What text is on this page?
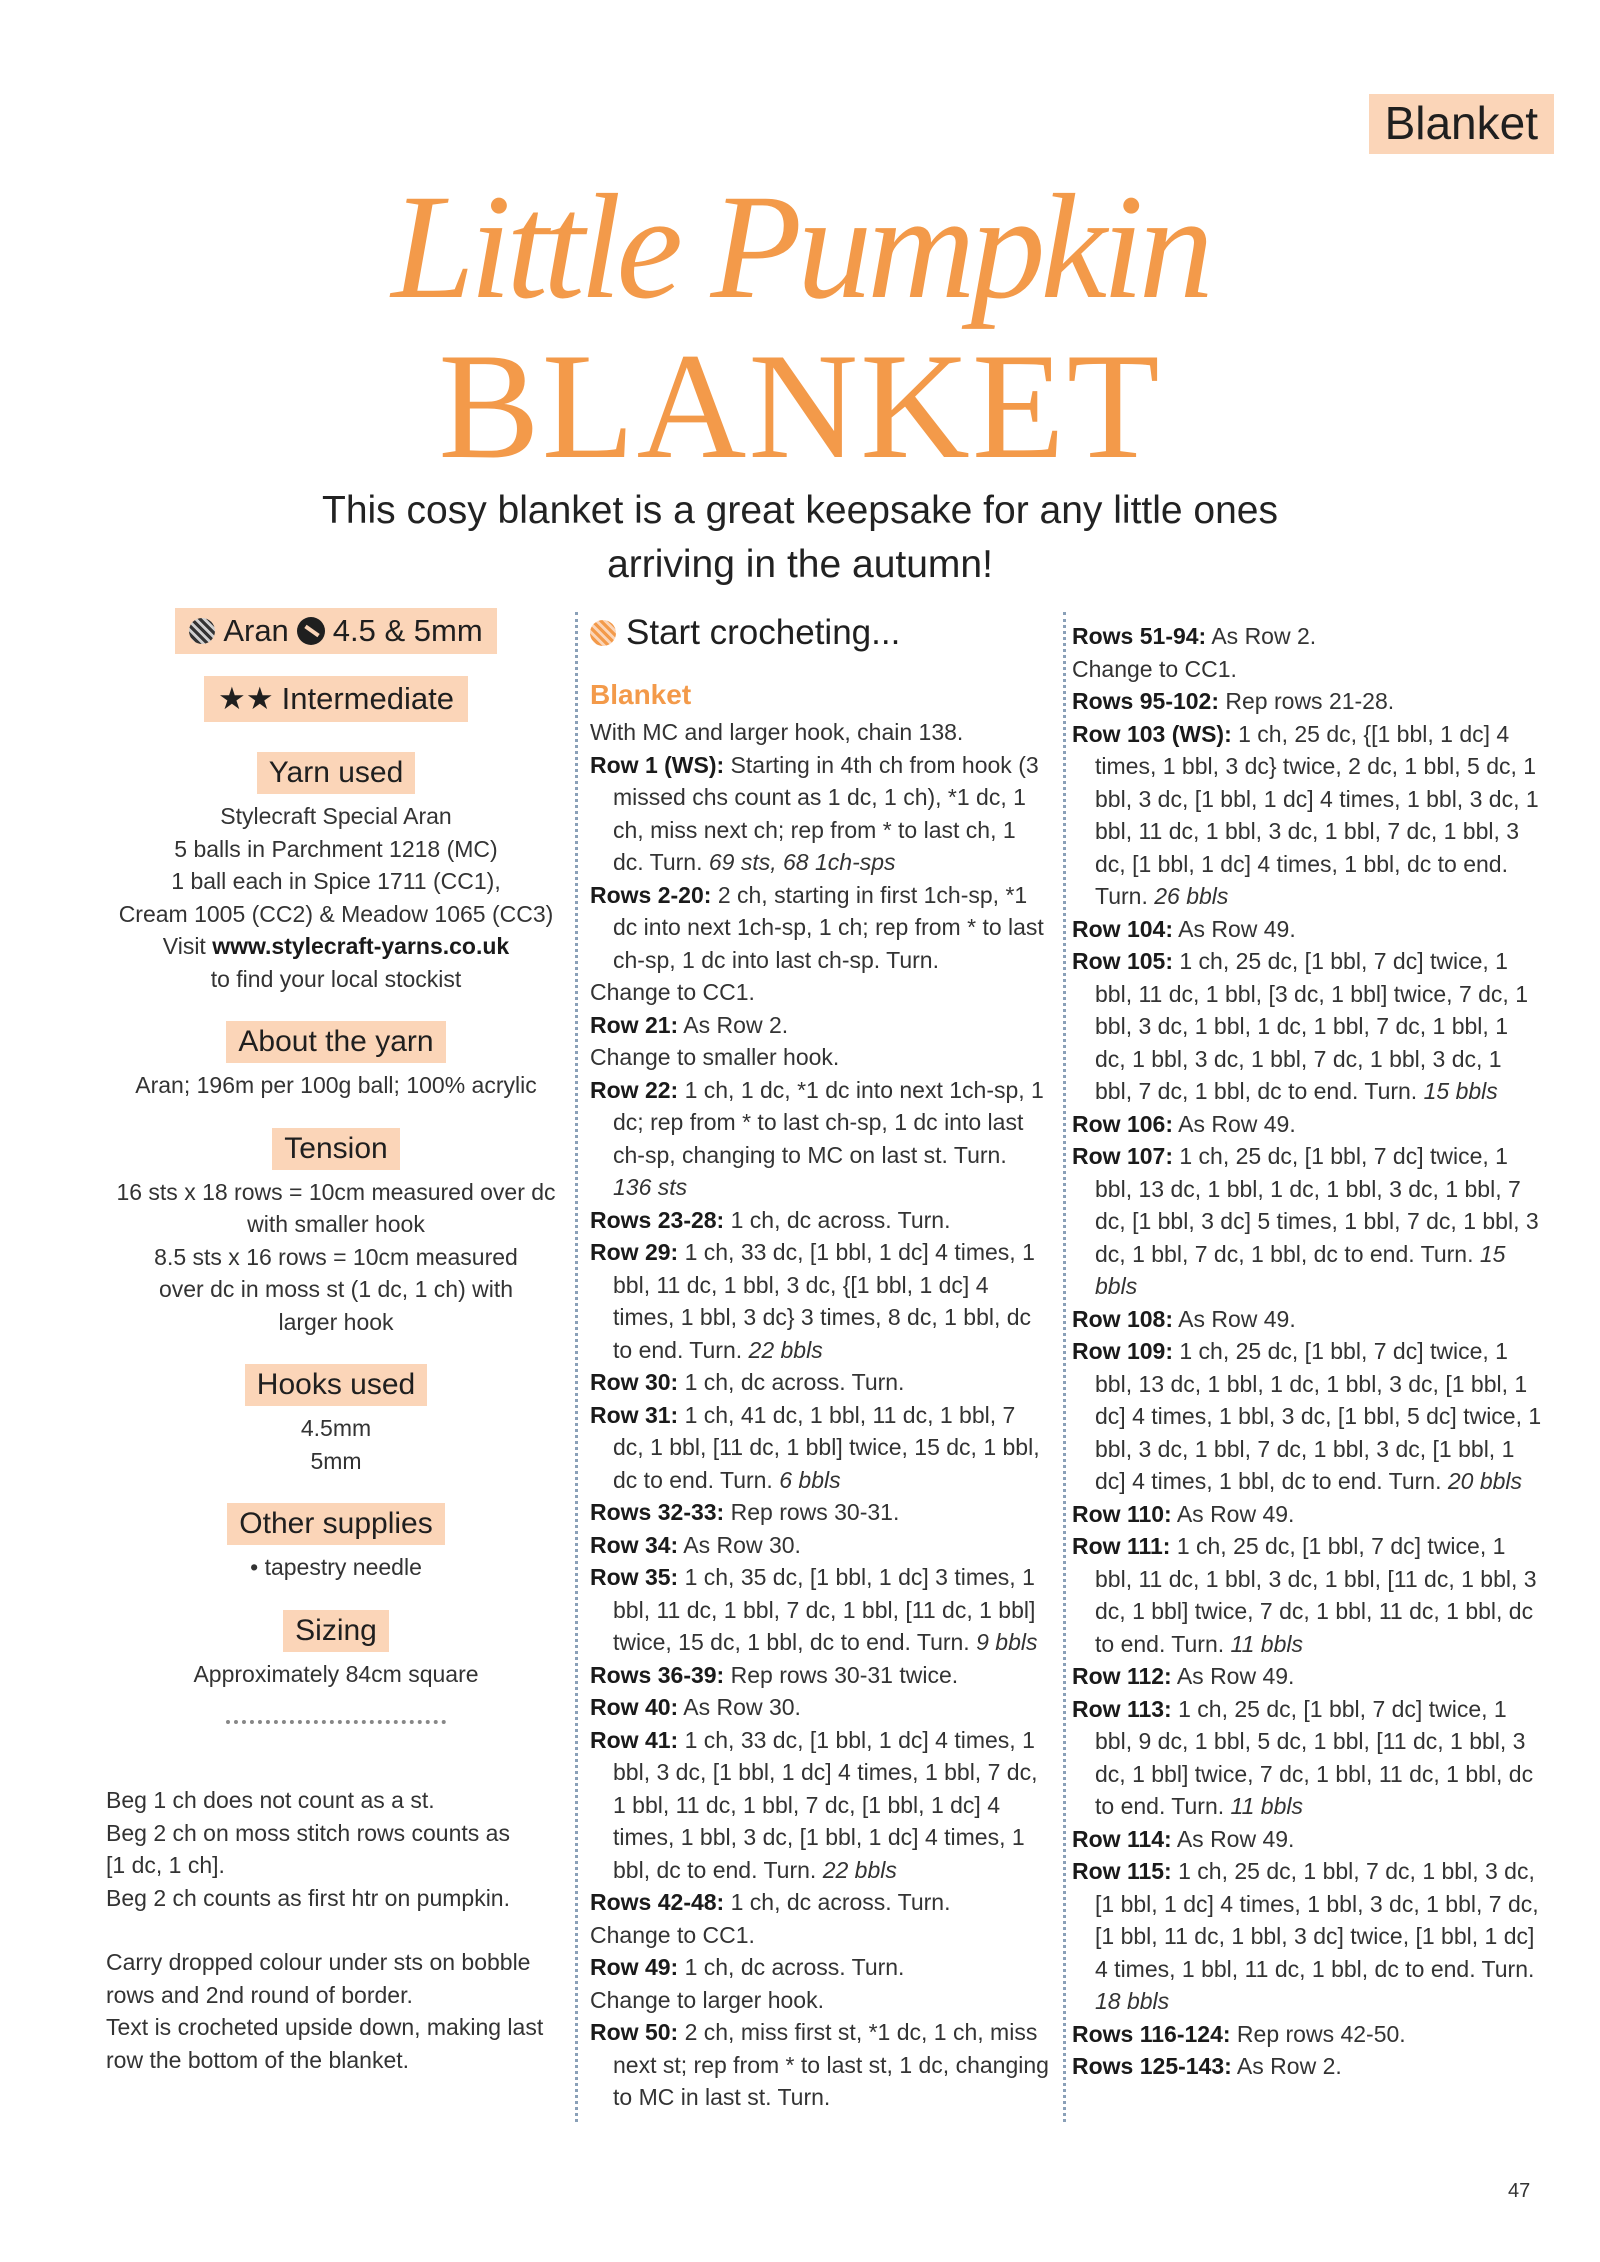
Blanket
Little Pumpkin
BLANKET
This cosy blanket is a great keepsake for any little ones arriving in the autumn!
Aran 4.5 & 5mm
★★ Intermediate
Yarn used
Stylecraft Special Aran
5 balls in Parchment 1218 (MC)
1 ball each in Spice 1711 (CC1),
Cream 1005 (CC2) & Meadow 1065 (CC3)
Visit www.stylecraft-yarns.co.uk
to find your local stockist
About the yarn
Aran; 196m per 100g ball; 100% acrylic
Tension
16 sts x 18 rows = 10cm measured over dc
with smaller hook
8.5 sts x 16 rows = 10cm measured
over dc in moss st (1 dc, 1 ch) with
larger hook
Hooks used
4.5mm
5mm
Other supplies
• tapestry needle
Sizing
Approximately 84cm square

Beg 1 ch does not count as a st.
Beg 2 ch on moss stitch rows counts as
[1 dc, 1 ch].
Beg 2 ch counts as first htr on pumpkin.

Carry dropped colour under sts on bobble
rows and 2nd round of border.
Text is crocheted upside down, making last
row the bottom of the blanket.

Start crocheting...
Blanket
With MC and larger hook, chain 138.
Row 1 (WS): Starting in 4th ch from hook (3 missed chs count as 1 dc, 1 ch), *1 dc, 1 ch, miss next ch; rep from * to last ch, 1 dc. Turn. 69 sts, 68 1ch-sps
Rows 2-20: 2 ch, starting in first 1ch-sp, *1 dc into next 1ch-sp, 1 ch; rep from * to last ch-sp, 1 dc into last ch-sp. Turn.
Change to CC1.
Row 21: As Row 2.
Change to smaller hook.
Row 22: 1 ch, 1 dc, *1 dc into next 1ch-sp, 1 dc; rep from * to last ch-sp, 1 dc into last ch-sp, changing to MC on last st. Turn. 136 sts
Rows 23-28: 1 ch, dc across. Turn.
Row 29: 1 ch, 33 dc, [1 bbl, 1 dc] 4 times, 1 bbl, 11 dc, 1 bbl, 3 dc, {[1 bbl, 1 dc] 4 times, 1 bbl, 3 dc} 3 times, 8 dc, 1 bbl, dc to end. Turn. 22 bbls
Row 30: 1 ch, dc across. Turn.
Row 31: 1 ch, 41 dc, 1 bbl, 11 dc, 1 bbl, 7 dc, 1 bbl, [11 dc, 1 bbl] twice, 15 dc, 1 bbl, dc to end. Turn. 6 bbls
Rows 32-33: Rep rows 30-31.
Row 34: As Row 30.
Row 35: 1 ch, 35 dc, [1 bbl, 1 dc] 3 times, 1 bbl, 11 dc, 1 bbl, 7 dc, 1 bbl, [11 dc, 1 bbl] twice, 15 dc, 1 bbl, dc to end. Turn. 9 bbls
Rows 36-39: Rep rows 30-31 twice.
Row 40: As Row 30.
Row 41: 1 ch, 33 dc, [1 bbl, 1 dc] 4 times, 1 bbl, 3 dc, [1 bbl, 1 dc] 4 times, 1 bbl, 7 dc, 1 bbl, 11 dc, 1 bbl, 7 dc, [1 bbl, 1 dc] 4 times, 1 bbl, 3 dc, [1 bbl, 1 dc] 4 times, 1 bbl, dc to end. Turn. 22 bbls
Rows 42-48: 1 ch, dc across. Turn.
Change to CC1.
Row 49: 1 ch, dc across. Turn.
Change to larger hook.
Row 50: 2 ch, miss first st, *1 dc, 1 ch, miss next st; rep from * to last st, 1 dc, changing to MC in last st. Turn.
Rows 51-94: As Row 2.
Change to CC1.
Rows 95-102: Rep rows 21-28.
Row 103 (WS): 1 ch, 25 dc, {[1 bbl, 1 dc] 4 times, 1 bbl, 3 dc} twice, 2 dc, 1 bbl, 5 dc, 1 bbl, 3 dc, [1 bbl, 1 dc] 4 times, 1 bbl, 3 dc, 1 bbl, 11 dc, 1 bbl, 3 dc, 1 bbl, 7 dc, 1 bbl, 3 dc, [1 bbl, 1 dc] 4 times, 1 bbl, dc to end. Turn. 26 bbls
Row 104: As Row 49.
Row 105: 1 ch, 25 dc, [1 bbl, 7 dc] twice, 1 bbl, 11 dc, 1 bbl, [3 dc, 1 bbl] twice, 7 dc, 1 bbl, 3 dc, 1 bbl, 1 dc, 1 bbl, 7 dc, 1 bbl, 1 dc, 1 bbl, 3 dc, 1 bbl, 7 dc, 1 bbl, 3 dc, 1 bbl, 7 dc, 1 bbl, dc to end. Turn. 15 bbls
Row 106: As Row 49.
Row 107: 1 ch, 25 dc, [1 bbl, 7 dc] twice, 1 bbl, 13 dc, 1 bbl, 1 dc, 1 bbl, 3 dc, 1 bbl, 7 dc, [1 bbl, 3 dc] 5 times, 1 bbl, 7 dc, 1 bbl, 3 dc, 1 bbl, 7 dc, 1 bbl, dc to end. Turn. 15 bbls
Row 108: As Row 49.
Row 109: 1 ch, 25 dc, [1 bbl, 7 dc] twice, 1 bbl, 13 dc, 1 bbl, 1 dc, 1 bbl, 3 dc, [1 bbl, 1 dc] 4 times, 1 bbl, 3 dc, [1 bbl, 5 dc] twice, 1 bbl, 3 dc, 1 bbl, 7 dc, 1 bbl, 3 dc, [1 bbl, 1 dc] 4 times, 1 bbl, dc to end. Turn. 20 bbls
Row 110: As Row 49.
Row 111: 1 ch, 25 dc, [1 bbl, 7 dc] twice, 1 bbl, 11 dc, 1 bbl, 3 dc, 1 bbl, [11 dc, 1 bbl, 3 dc, 1 bbl] twice, 7 dc, 1 bbl, 11 dc, 1 bbl, dc to end. Turn. 11 bbls
Row 112: As Row 49.
Row 113: 1 ch, 25 dc, [1 bbl, 7 dc] twice, 1 bbl, 9 dc, 1 bbl, 5 dc, 1 bbl, [11 dc, 1 bbl, 3 dc, 1 bbl] twice, 7 dc, 1 bbl, 11 dc, 1 bbl, dc to end. Turn. 11 bbls
Row 114: As Row 49.
Row 115: 1 ch, 25 dc, 1 bbl, 7 dc, 1 bbl, 3 dc, [1 bbl, 1 dc] 4 times, 1 bbl, 3 dc, 1 bbl, 7 dc, [1 bbl, 11 dc, 1 bbl, 3 dc] twice, [1 bbl, 1 dc] 4 times, 1 bbl, 11 dc, 1 bbl, dc to end. Turn. 18 bbls
Rows 116-124: Rep rows 42-50.
Rows 125-143: As Row 2.
47
